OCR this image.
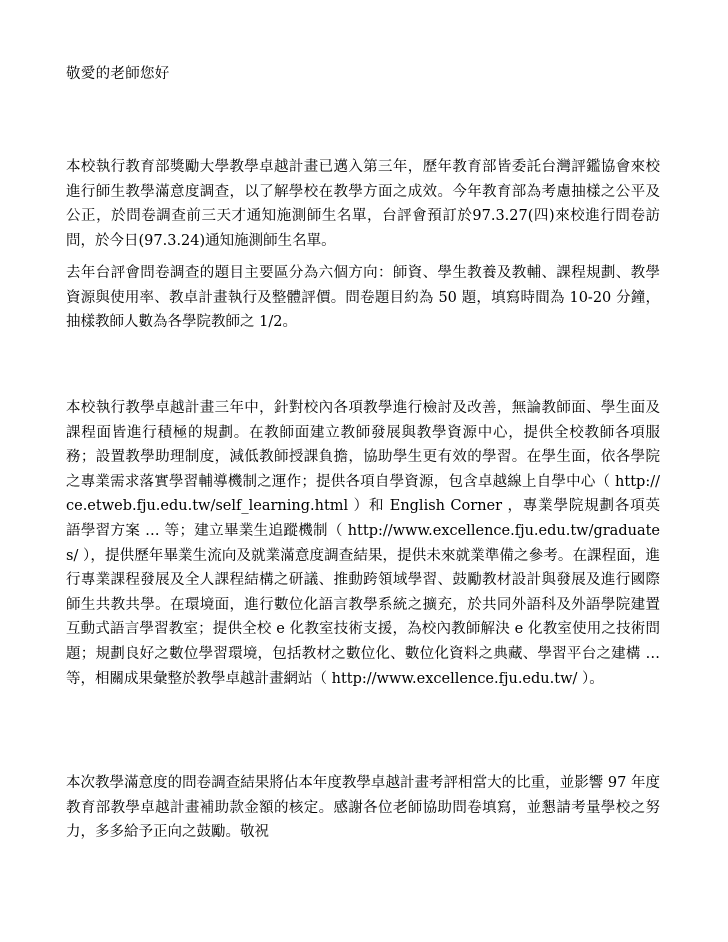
敬愛的老師您好

本校執行教育部獎勵大學教學卓越計畫已邁入第三年，歷年教育部皆委託台灣評鑑協會來校進行師生教學滿意度調查，以了解學校在教學方面之成效。今年教育部為考慮抽樣之公平及公正，於問卷調查前三天才通知施測師生名單，台評會預訂於97.3.27(四)來校進行問卷訪問，於今日(97.3.24)通知施測師生名單。

去年台評會問卷調查的題目主要區分為六個方向：師資、學生教養及教輔、課程規劃、教學資源與使用率、教卓計畫執行及整體評價。問卷題目約為 50 題，填寫時間為 10-20 分鐘，抽樣教師人數為各學院教師之 1/2。

本校執行教學卓越計畫三年中，針對校內各項教學進行檢討及改善，無論教師面、學生面及課程面皆進行積極的規劃。在教師面建立教師發展與教學資源中心，提供全校教師各項服務；設置教學助理制度，減低教師授課負擔，協助學生更有效的學習。在學生面，依各學院之專業需求落實學習輔導機制之運作；提供各項自學資源，包含卓越線上自學中心（ http://ce.etweb.fju.edu.tw/self_learning.html ）和 English Corner ，專業學院規劃各項英語學習方案 … 等；建立畢業生追蹤機制（ http://www.excellence.fju.edu.tw/graduates/ ），提供歷年畢業生流向及就業滿意度調查結果，提供未來就業準備之參考。在課程面，進行專業課程發展及全人課程結構之研議、推動跨領域學習、鼓勵教材設計與發展及進行國際師生共教共學。在環境面，進行數位化語言教學系統之擴充，於共同外語科及外語學院建置互動式語言學習教室；提供全校 e 化教室技術支援，為校內教師解決 e 化教室使用之技術問題；規劃良好之數位學習環境，包括教材之數位化、數位化資料之典藏、學習平台之建構 … 等，相關成果彙整於教學卓越計畫網站（ http://www.excellence.fju.edu.tw/ ）。

本次教學滿意度的問卷調查結果將佔本年度教學卓越計畫考評相當大的比重，並影響 97 年度教育部教學卓越計畫補助款金額的核定。感謝各位老師協助問卷填寫，並懇請考量學校之努力，多多給予正向之鼓勵。敬祝
